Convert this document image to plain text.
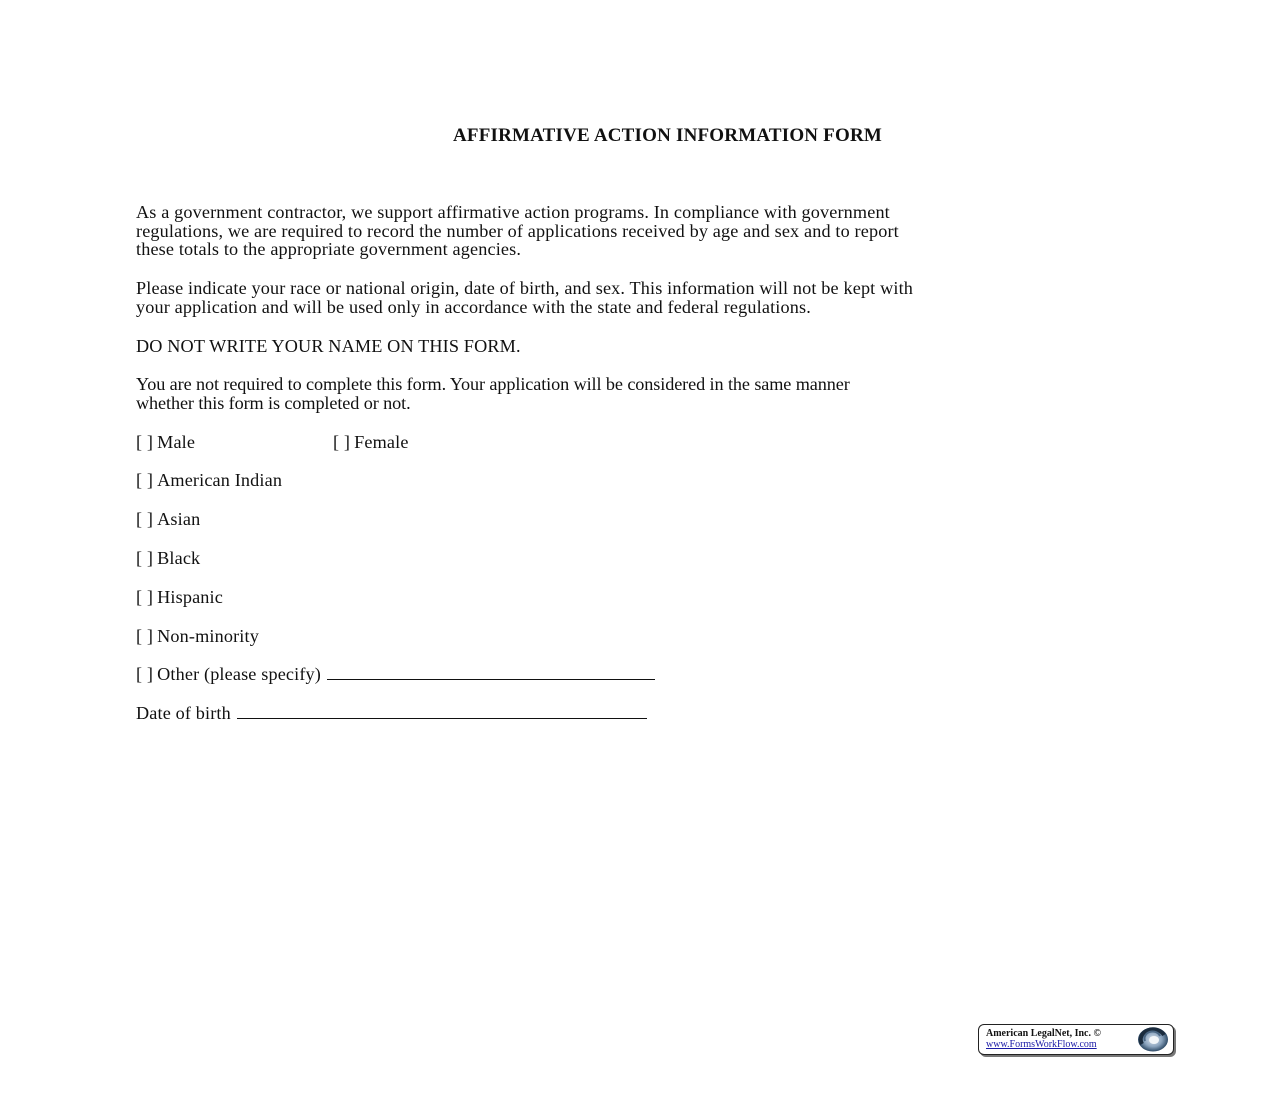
AFFIRMATIVE ACTION INFORMATION FORM
As a government contractor, we support affirmative action programs. In compliance with government
regulations, we are required to record the number of applications received by age and sex and to report
these totals to the appropriate government agencies.
Please indicate your race or national origin, date of birth, and sex. This information will not be kept with
your application and will be used only in accordance with the state and federal regulations.
DO NOT WRITE YOUR NAME ON THIS FORM.
You are not required to complete this form. Your application will be considered in the same manner
whether this form is completed or not.
[ ] Male	[ ] Female
[ ] American Indian
[ ] Asian
[ ] Black
[ ] Hispanic
[ ] Non-minority
[ ] Other (please specify)
Date of birth
American LegalNet, Inc. ©
www.FormsWorkFlow.com
